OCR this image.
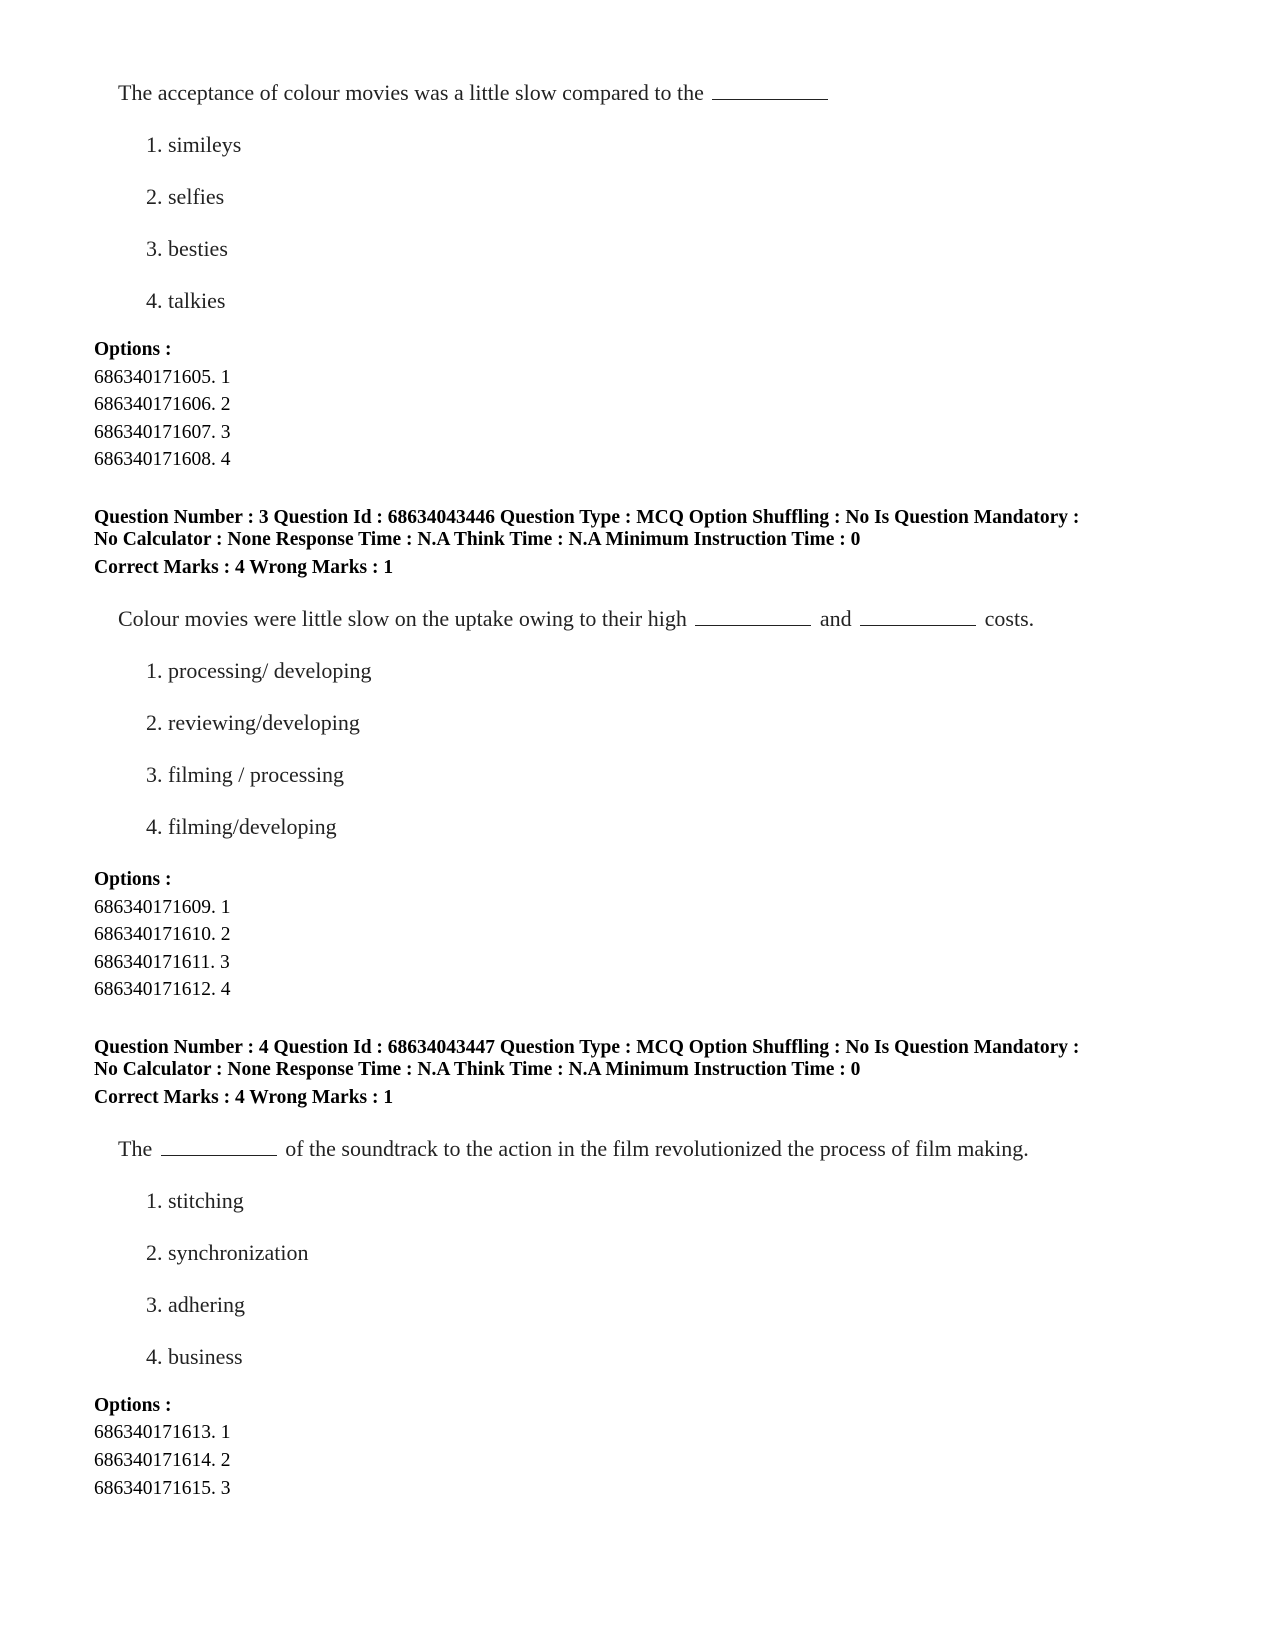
The acceptance of colour movies was a little slow compared to the
1. simileys
2. selfies
3. besties
4. talkies
Options :
686340171605. 1
686340171606. 2
686340171607. 3
686340171608. 4
Question Number : 3 Question Id : 68634043446 Question Type : MCQ Option Shuffling : No Is Question Mandatory :
No Calculator : None Response Time : N.A Think Time : N.A Minimum Instruction Time : 0
Correct Marks : 4 Wrong Marks : 1
Colour movies were little slow on the uptake owing to their high	and	costs.
1. processing/ developing
2. reviewing/developing
3. filming / processing
4. filming/developing
Options :
686340171609. 1
686340171610. 2
686340171611. 3
686340171612. 4
Question Number : 4 Question Id : 68634043447 Question Type : MCQ Option Shuffling : No Is Question Mandatory :
No Calculator : None Response Time : N.A Think Time : N.A Minimum Instruction Time : 0
Correct Marks : 4 Wrong Marks : 1
The	of the soundtrack to the action in the film revolutionized the process of film making.
1. stitching
2. synchronization
3. adhering
4. business
Options :
686340171613. 1
686340171614. 2
686340171615. 3
